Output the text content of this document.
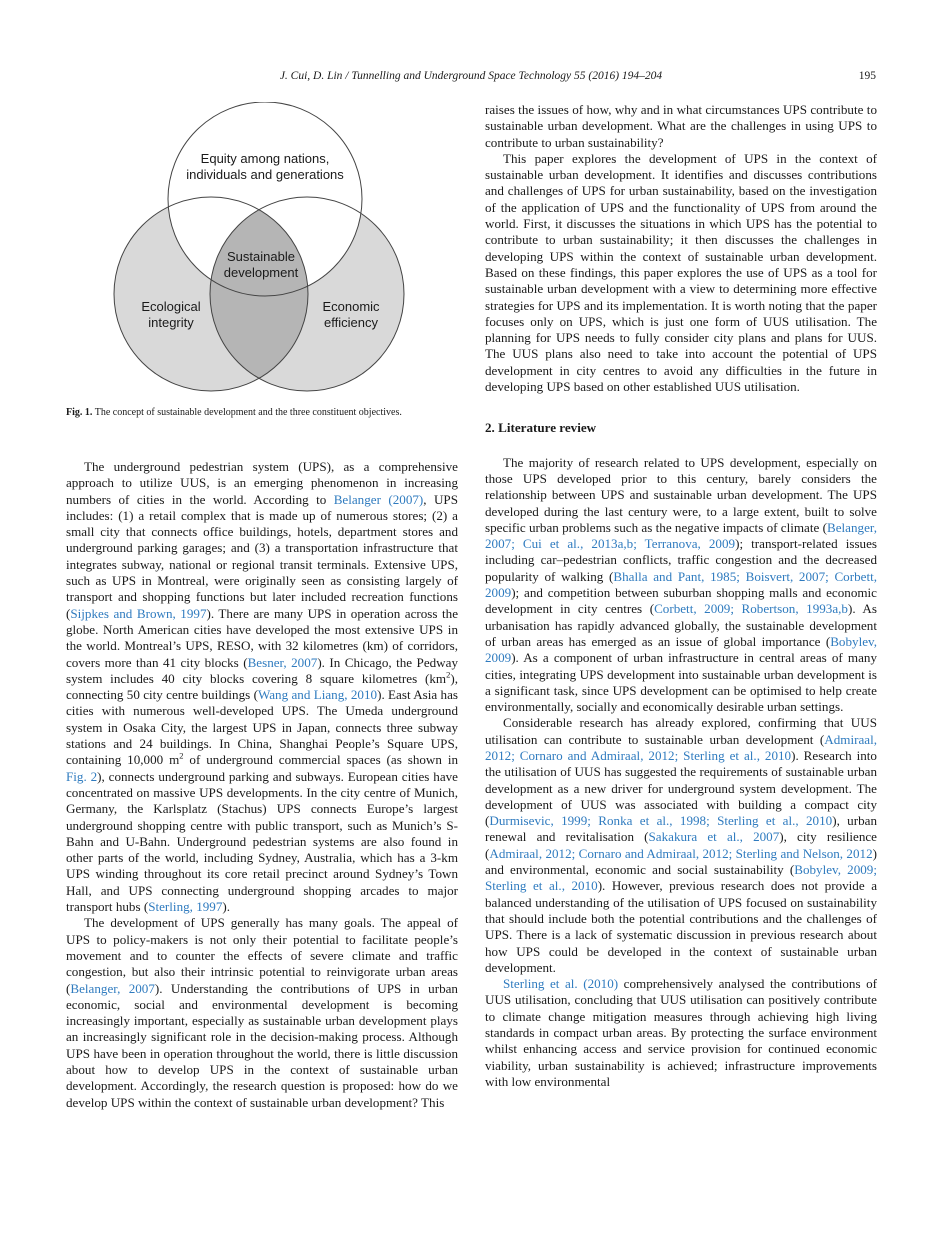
J. Cui, D. Lin / Tunnelling and Underground Space Technology 55 (2016) 194–204	195
Equity among nations,
individuals and generations
Sustainable
development
Ecological
integrity
Economic
efficiency
Fig. 1. The concept of sustainable development and the three constituent objectives.

The underground pedestrian system (UPS), as a comprehensive approach to utilize UUS, is an emerging phenomenon in increasing numbers of cities in the world. According to Belanger (2007), UPS includes: (1) a retail complex that is made up of numerous stores; (2) a small city that connects office buildings, hotels, department stores and underground parking garages; and (3) a transportation infrastructure that integrates subway, national or regional transit terminals. Extensive UPS, such as UPS in Montreal, were originally seen as consisting largely of transport and shopping functions but later included recreation functions (Sijpkes and Brown, 1997). There are many UPS in operation across the globe. North American cities have developed the most extensive UPS in the world. Montreal’s UPS, RESO, with 32 kilometres (km) of corridors, covers more than 41 city blocks (Besner, 2007). In Chicago, the Pedway system includes 40 city blocks covering 8 square kilometres $(km^2)$, connecting 50 city centre buildings (Wang and Liang, 2010). East Asia has cities with numerous well-developed UPS. The Umeda underground system in Osaka City, the largest UPS in Japan, connects three subway stations and 24 buildings. In China, Shanghai People’s Square UPS, containing 10,000 $m^2$ of underground commercial spaces (as shown in Fig. 2), connects underground parking and subways. European cities have concentrated on massive UPS developments. In the city centre of Munich, Germany, the Karlsplatz (Stachus) UPS connects Europe’s largest underground shopping centre with public transport, such as Munich’s S-Bahn and U-Bahn. Underground pedestrian systems are also found in other parts of the world, including Sydney, Australia, which has a 3-km UPS winding throughout its core retail precinct around Sydney’s Town Hall, and UPS connecting underground shopping arcades to major transport hubs (Sterling, 1997).

The development of UPS generally has many goals. The appeal of UPS to policy-makers is not only their potential to facilitate people’s movement and to counter the effects of severe climate and traffic congestion, but also their intrinsic potential to reinvigorate urban areas (Belanger, 2007). Understanding the contributions of UPS in urban economic, social and environmental development is becoming increasingly important, especially as sustainable urban development plays an increasingly significant role in the decision-making process. Although UPS have been in operation throughout the world, there is little discussion about how to develop UPS in the context of sustainable urban development. Accordingly, the research question is proposed: how do we develop UPS within the context of sustainable urban development? This

raises the issues of how, why and in what circumstances UPS contribute to sustainable urban development. What are the challenges in using UPS to contribute to urban sustainability?

This paper explores the development of UPS in the context of sustainable urban development. It identifies and discusses contributions and challenges of UPS for urban sustainability, based on the investigation of the application of UPS and the functionality of UPS from around the world. First, it discusses the situations in which UPS has the potential to contribute to urban sustainability; it then discusses the challenges in developing UPS within the context of sustainable urban development. Based on these findings, this paper explores the use of UPS as a tool for sustainable urban development with a view to determining more effective strategies for UPS and its implementation. It is worth noting that the paper focuses only on UPS, which is just one form of UUS utilisation. The planning for UPS needs to fully consider city plans and plans for UUS. The UUS plans also need to take into account the potential of UPS development in city centres to avoid any difficulties in the future in developing UPS based on other established UUS utilisation.

2. Literature review

The majority of research related to UPS development, especially on those UPS developed prior to this century, barely considers the relationship between UPS and sustainable urban development. The UPS developed during the last century were, to a large extent, built to solve specific urban problems such as the negative impacts of climate (Belanger, 2007; Cui et al., 2013a,b; Terranova, 2009); transport-related issues including car–pedestrian conflicts, traffic congestion and the decreased popularity of walking (Bhalla and Pant, 1985; Boisvert, 2007; Corbett, 2009); and competition between suburban shopping malls and economic development in city centres (Corbett, 2009; Robertson, 1993a,b). As urbanisation has rapidly advanced globally, the sustainable development of urban areas has emerged as an issue of global importance (Bobylev, 2009). As a component of urban infrastructure in central areas of many cities, integrating UPS development into sustainable urban development is a significant task, since UPS development can be optimised to help create environmentally, socially and economically desirable urban settings.

Considerable research has already explored, confirming that UUS utilisation can contribute to sustainable urban development (Admiraal, 2012; Cornaro and Admiraal, 2012; Sterling et al., 2010). Research into the utilisation of UUS has suggested the requirements of sustainable urban development as a new driver for underground system development. The development of UUS was associated with building a compact city (Durmisevic, 1999; Ronka et al., 1998; Sterling et al., 2010), urban renewal and revitalisation (Sakakura et al., 2007), city resilience (Admiraal, 2012; Cornaro and Admiraal, 2012; Sterling and Nelson, 2012) and environmental, economic and social sustainability (Bobylev, 2009; Sterling et al., 2010). However, previous research does not provide a balanced understanding of the utilisation of UPS focused on sustainability that should include both the potential contributions and the challenges of UPS. There is a lack of systematic discussion in previous research about how UPS could be developed in the context of sustainable urban development.

Sterling et al. (2010) comprehensively analysed the contributions of UUS utilisation, concluding that UUS utilisation can positively contribute to climate change mitigation measures through achieving high living standards in compact urban areas. By protecting the surface environment whilst enhancing access and service provision for continued economic viability, urban sustainability is achieved; infrastructure improvements with low environmental
